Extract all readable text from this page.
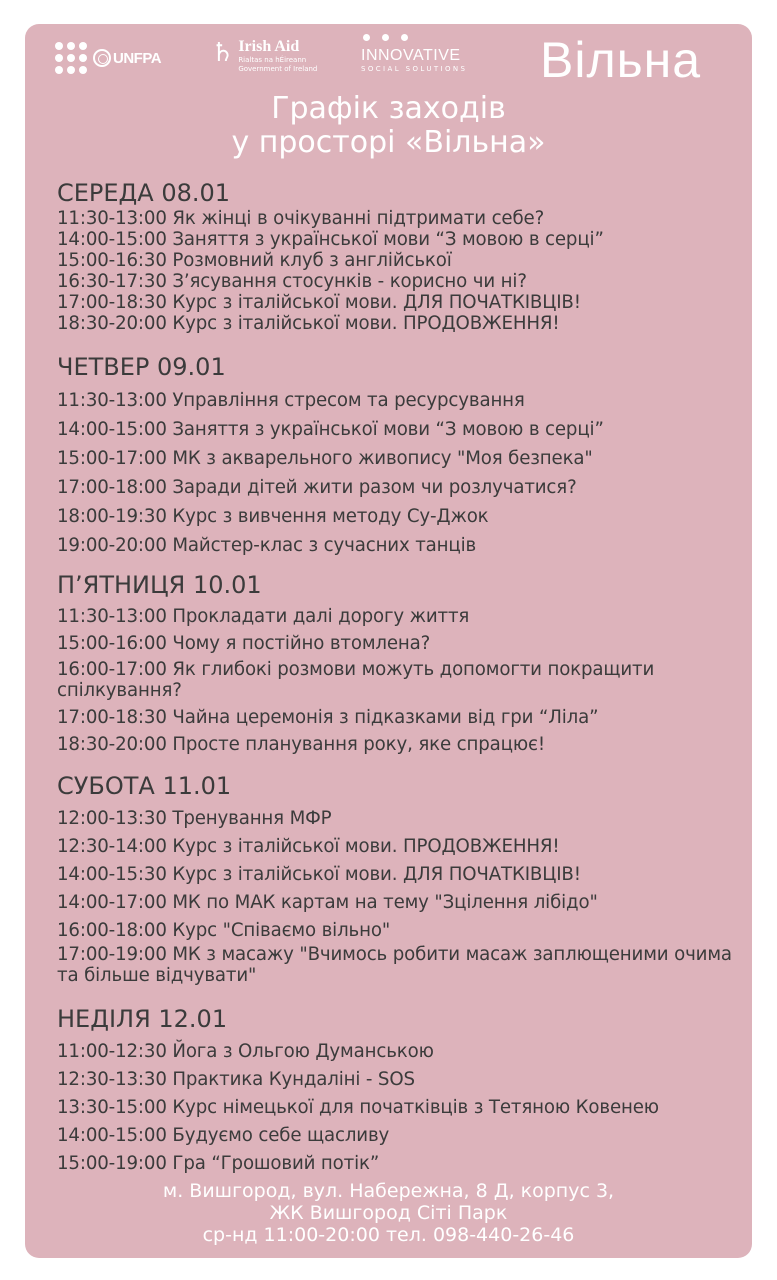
UNFPA ♄ Irish Aid
Rialtas na hÉireann
Government of Ireland
INNOVATIVE
SOCIAL SOLUTIONS Вільна
Графік заходів
у просторі «Вільна»
СЕРЕДА 08.01
11:30-13:00 Як жінці в очікуванні підтримати себе?
14:00-15:00 Заняття з української мови “З мовою в серці”
15:00-16:30 Розмовний клуб з англійської
16:30-17:30 З’ясування стосунків - корисно чи ні?
17:00-18:30 Курс з італійської мови. ДЛЯ ПОЧАТКІВЦІВ!
18:30-20:00 Курс з італійської мови. ПРОДОВЖЕННЯ!
ЧЕТВЕР 09.01
11:30-13:00 Управління стресом та ресурсування
14:00-15:00 Заняття з української мови “З мовою в серці”
15:00-17:00 МК з акварельного живопису "Моя безпека"
17:00-18:00 Заради дітей жити разом чи розлучатися?
18:00-19:30 Курс з вивчення методу Су-Джок
19:00-20:00 Майстер-клас з сучасних танців
П’ЯТНИЦЯ 10.01
11:30-13:00 Прокладати далі дорогу життя
15:00-16:00 Чому я постійно втомлена?
16:00-17:00 Як глибокі розмови можуть допомогти покращити спілкування?
17:00-18:30 Чайна церемонія з підказками від гри “Ліла”
18:30-20:00 Просте планування року, яке спрацює!
СУБОТА 11.01
12:00-13:30 Тренування МФР
12:30-14:00 Курс з італійської мови. ПРОДОВЖЕННЯ!
14:00-15:30 Курс з італійської мови. ДЛЯ ПОЧАТКІВЦІВ!
14:00-17:00 МК по МАК картам на тему "Зцілення лібідо"
16:00-18:00 Курс "Співаємо вільно"
17:00-19:00 МК з масажу "Вчимось робити масаж заплющеними очима та більше відчувати"
НЕДІЛЯ 12.01
11:00-12:30 Йога з Ольгою Думанською
12:30-13:30 Практика Кундаліні - SOS
13:30-15:00 Курс німецької для початківців з Тетяною Ковенею
14:00-15:00 Будуємо себе щасливу
15:00-19:00 Гра “Грошовий потік”
м. Вишгород, вул. Набережна, 8 Д, корпус 3,
ЖК Вишгород Сіті Парк
ср-нд 11:00-20:00 тел. 098-440-26-46
